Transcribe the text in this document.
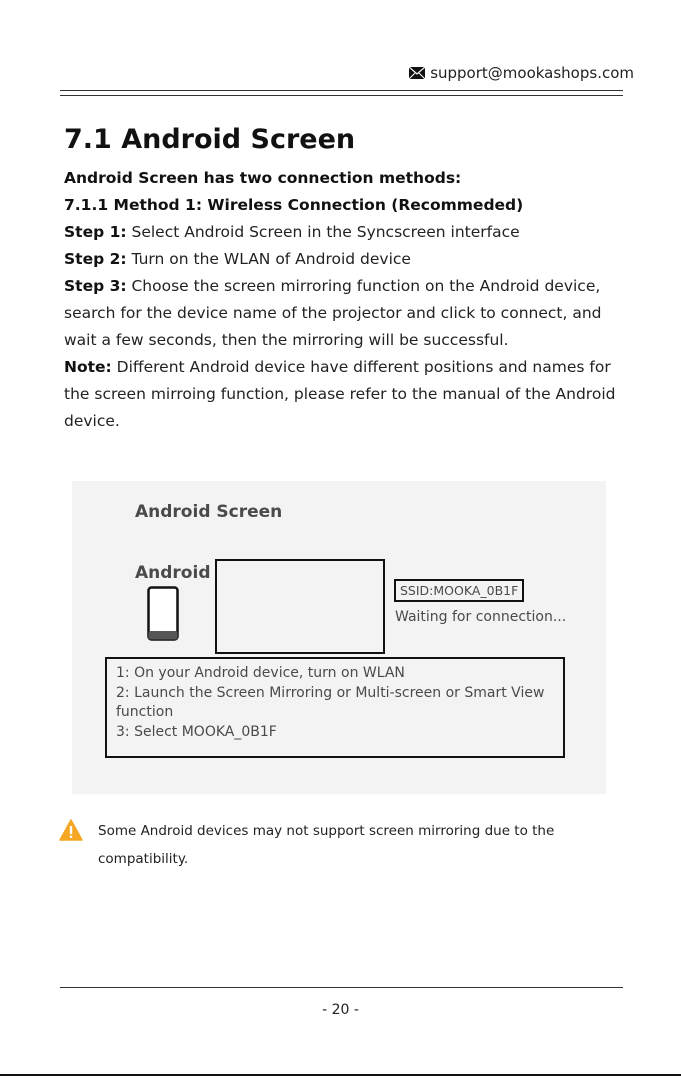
support@mookashops.com
7.1 Android Screen

Android Screen has two connection methods:

7.1.1 Method 1: Wireless Connection (Recommeded)

Step 1: Select Android Screen in the Syncscreen interface

Step 2: Turn on the WLAN of Android device

Step 3: Choose the screen mirroring function on the Android device, search for the device name of the projector and click to connect, and wait a few seconds, then the mirroring will be successful.

Note: Different Android device have different positions and names for the screen mirroing function, please refer to the manual of the Android device.

Android Screen
Android
SSID:MOOKA_0B1F
Waiting for connection...
1: On your Android device, turn on WLAN
2: Launch the Screen Mirroring or Multi-screen or Smart View function
3: Select MOOKA_0B1F
Some Android devices may not support screen mirroring due to the compatibility.
- 20 -
